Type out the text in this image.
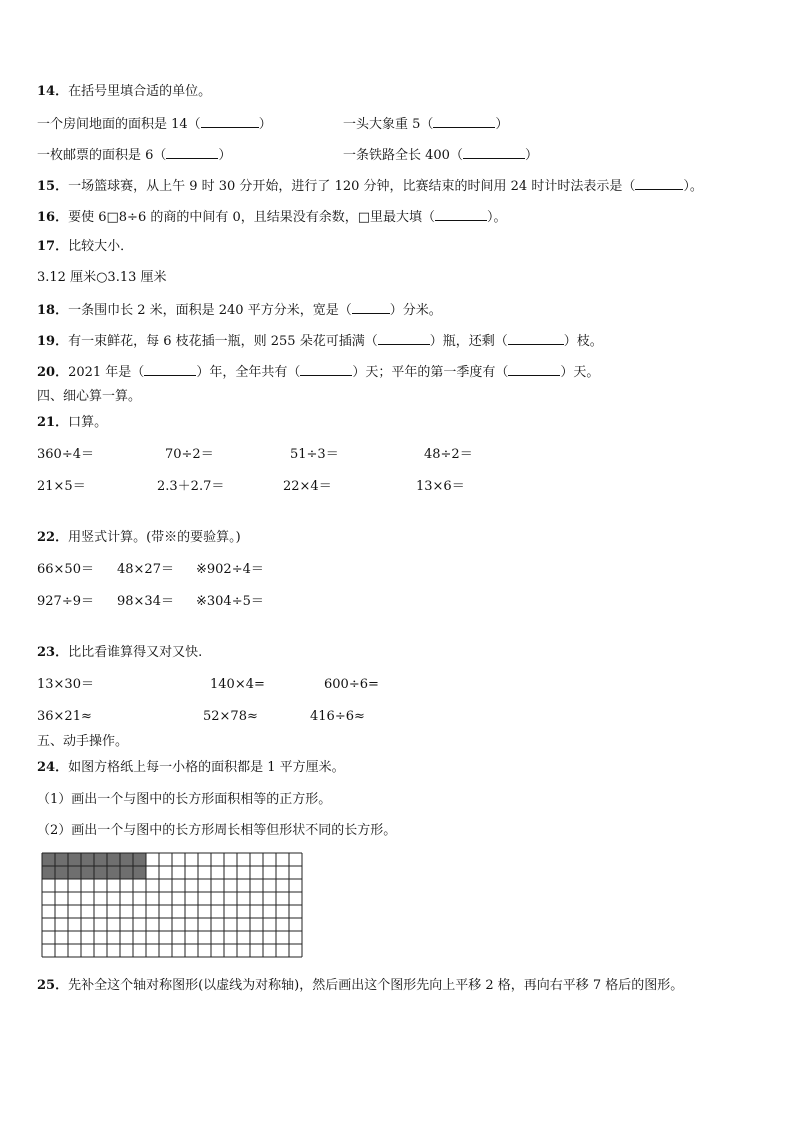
14．在括号里填合适的单位。
一个房间地面的面积是 14（	）	一头大象重 5（	）
一枚邮票的面积是 6（	）	一条铁路全长 400（	）
15．一场篮球赛，从上午 9 时 30 分开始，进行了 120 分钟，比赛结束的时间用 24 时计时法表示是（	）。
16．要使 6□8÷6 的商的中间有 0，且结果没有余数，□里最大填（	）。
17．比较大小．
3.12 厘米○3.13 厘米
18．一条围巾长 2 米，面积是 240 平方分米，宽是（	）分米。
19．有一束鲜花，每 6 枝花插一瓶，则 255 朵花可插满（	）瓶，还剩（	）枝。
20．2021 年是（	）年，全年共有（	）天；平年的第一季度有（	）天。
四、细心算一算。
21．口算。
360÷4＝	70÷2＝	51÷3＝	48÷2＝
21×5＝	2.3＋2.7＝	22×4＝	13×6＝
22．用竖式计算。(带※的要验算。)
66×50＝ 48×27＝ ※902÷4＝
927÷9＝ 98×34＝ ※304÷5＝
23．比比看谁算得又对又快.
13×30＝	140×4=	600÷6=
36×21≈	52×78≈	416÷6≈
五、动手操作。
24．如图方格纸上每一小格的面积都是 1 平方厘米。
（1）画出一个与图中的长方形面积相等的正方形。
（2）画出一个与图中的长方形周长相等但形状不同的长方形。
25．先补全这个轴对称图形(以虚线为对称轴)，然后画出这个图形先向上平移 2 格，再向右平移 7 格后的图形。
